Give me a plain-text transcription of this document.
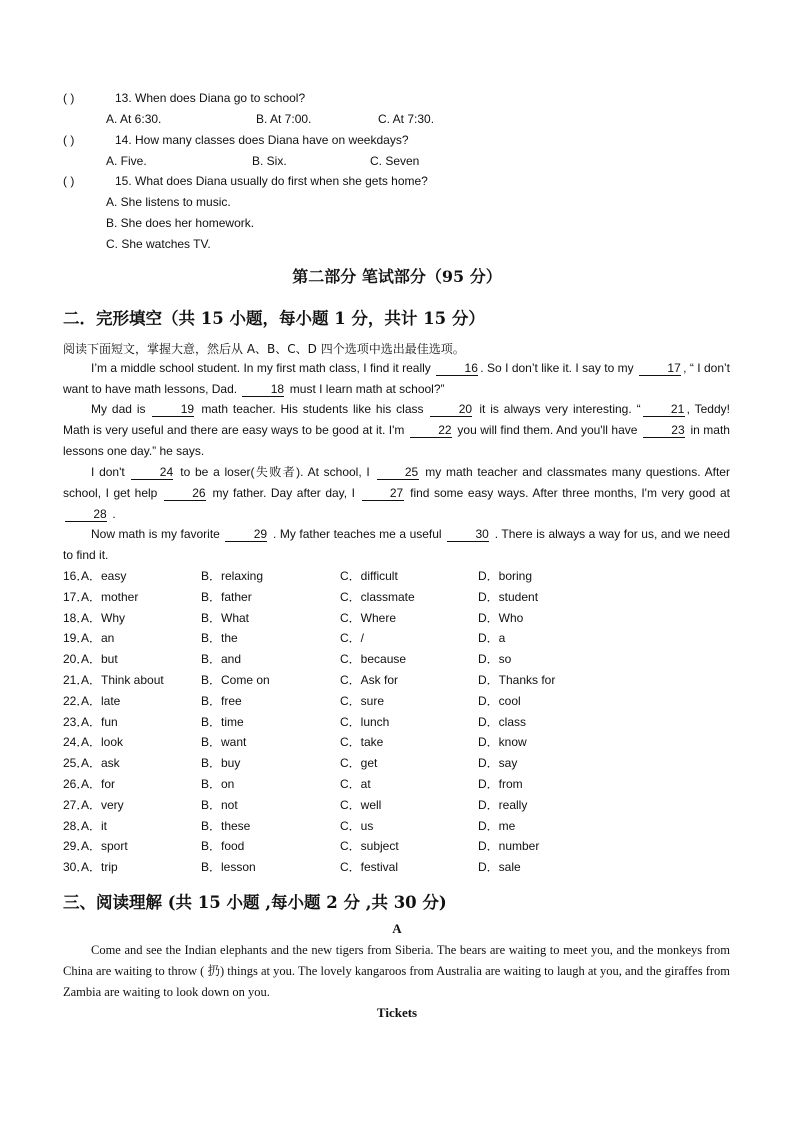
( )	13. When does Diana go to school?
A. At 6:30.	B. At 7:00.	C. At 7:30.
( )	14. How many classes does Diana have on weekdays?
A. Five.	B. Six.	C. Seven
( )	15. What does Diana usually do first when she gets home?
A. She listens to music.
B. She does her homework.
C. She watches TV.
第二部分 笔试部分（95 分）
二．完形填空（共 15 小题，每小题 1 分，共计 15 分）
阅读下面短文，掌握大意，然后从 A、B、C、D 四个选项中选出最佳选项。
I’m a middle school student. In my first math class, I find it really	16 . So I don’t like it. I say to my	17 , “ I don’t want to have math lessons, Dad.	18 must I learn math at school?”
My dad is	19 math teacher. His students like his class	20 it is always very interesting. “	21 , Teddy! Math is very useful and there are easy ways to be good at it. I'm	22 you will find them. And you'll have	23 in math lessons one day.” he says.
I don't	24 to be a loser(失败者). At school, I	25 my math teacher and classmates many questions. After school, I get help	26 my father. Day after day, I	27 find some easy ways. After three months, I'm very good at 28 .
Now math is my favorite	29 . My father teaches me a useful	30 . There is always a way for us, and we need to find it.
16．
A．easy	B．relaxing	C．difficult	D．boring
17．
A．mother	B．father	C．classmate	D．student
18．
A．Why	B．What	C．Where	D．Who
19．
A．an	B．the	C．/	D．a
20．
A．but	B．and	C．because	D．so
21．
A．Think about	B．Come on	C．Ask for	D．Thanks for
22．
A．late	B．free	C．sure	D．cool
23．
A．fun	B．time	C．lunch	D．class
24．
A．look	B．want	C．take	D．know
25．
A．ask	B．buy	C．get	D．say
26．
A．for	B．on	C．at	D．from
27．
A．very	B．not	C．well	D．really
28．
A．it	B．these	C．us	D．me
29．
A．sport	B．food	C．subject	D．number
30．
A．trip	B．lesson	C．festival	D．sale
三、阅读理解 (共 15 小题 ,每小题 2 分 ,共 30 分)
A
Come and see the Indian elephants and the new tigers from Siberia. The bears are waiting to meet you, and the monkeys from China are waiting to throw ( 扔) things at you. The lovely kangaroos from Australia are waiting to laugh at you, and the giraffes from Zambia are waiting to look down on you.
Tickets
